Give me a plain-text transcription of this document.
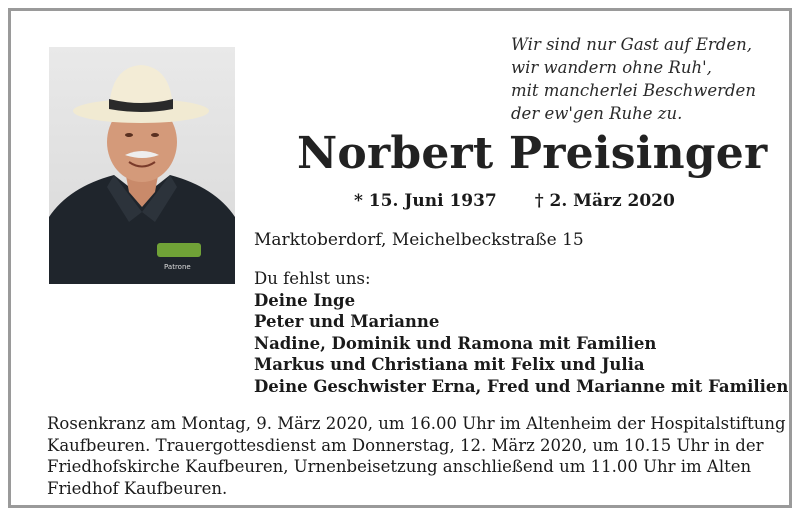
Patrone
Wir sind nur Gast auf Erden,
wir wandern ohne Ruh',
mit mancherlei Beschwerden
der ew'gen Ruhe zu.
Norbert Preisinger
* 15. Juni 1937 † 2. März 2020
Marktoberdorf, Meichelbeckstraße 15
Du fehlst uns:
Deine Inge
Peter und Marianne
Nadine, Dominik und Ramona mit Familien
Markus und Christiana mit Felix und Julia
Deine Geschwister Erna, Fred und Marianne mit Familien
Rosenkranz am Montag, 9. März 2020, um 16.00 Uhr im Altenheim der Hospitalstiftung
Kaufbeuren. Trauergottesdienst am Donnerstag, 12. März 2020, um 10.15 Uhr in der
Friedhofskirche Kaufbeuren, Urnenbeisetzung anschließend um 11.00 Uhr im Alten
Friedhof Kaufbeuren.
